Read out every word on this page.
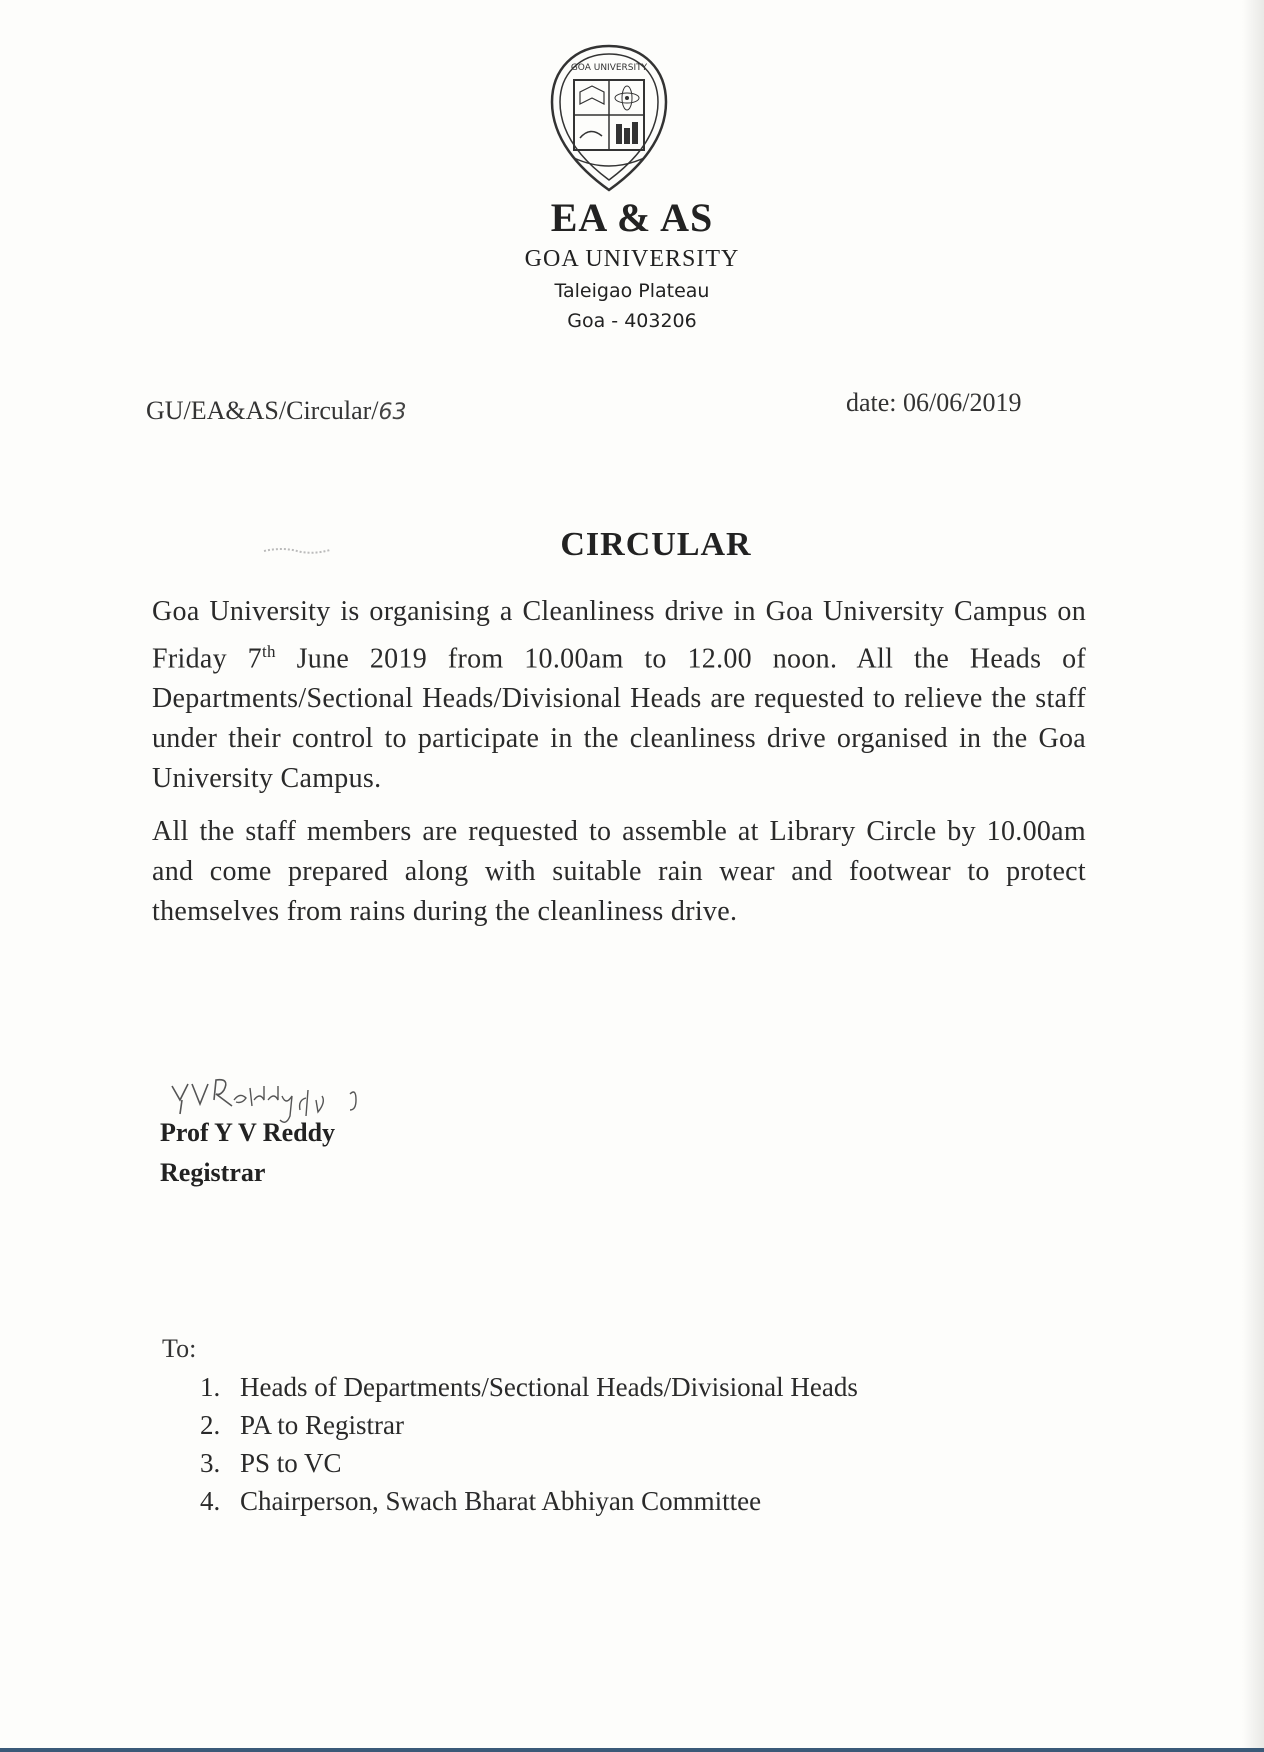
GOA UNIVERSITY
EA & AS
GOA UNIVERSITY
Taleigao Plateau
Goa - 403206
GU/EA&AS/Circular/63	date: 06/06/2019
CIRCULAR
Goa University is organising a Cleanliness drive in Goa University Campus on Friday 7th June 2019 from 10.00am to 12.00 noon. All the Heads of Departments/Sectional Heads/Divisional Heads are requested to relieve the staff under their control to participate in the cleanliness drive organised in the Goa University Campus.
All the staff members are requested to assemble at Library Circle by 10.00am and come prepared along with suitable rain wear and footwear to protect themselves from rains during the cleanliness drive.
Prof Y V Reddy
Registrar
To:
1. Heads of Departments/Sectional Heads/Divisional Heads
2. PA to Registrar
3. PS to VC
4. Chairperson, Swach Bharat Abhiyan Committee
